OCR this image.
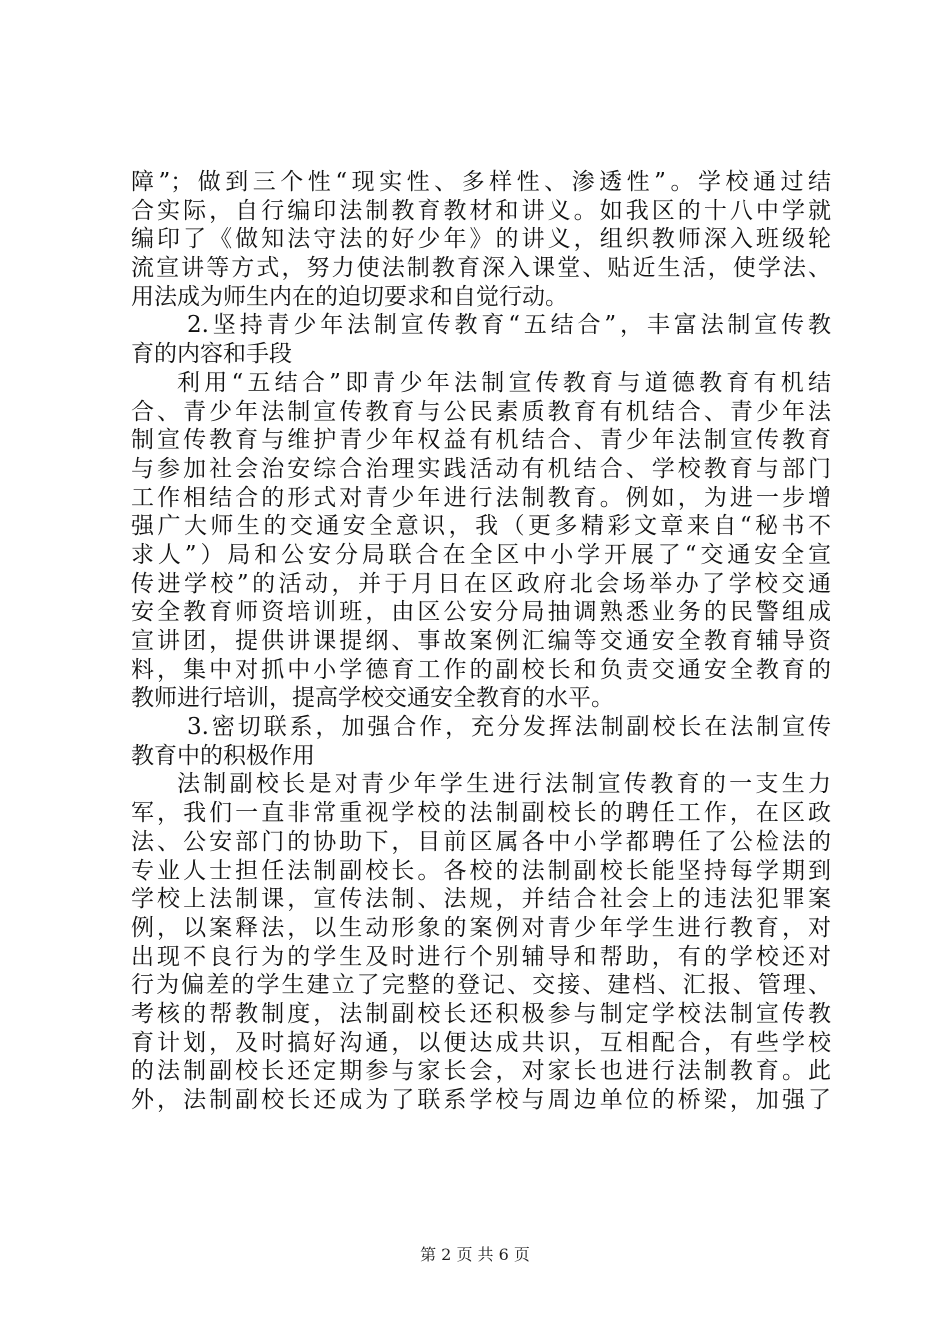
障”；做到三个性“现实性、多样性、渗透性”。学校通过结
合实际，自行编印法制教育教材和讲义。如我区的十八中学就
编印了《做知法守法的好少年》的讲义，组织教师深入班级轮
流宣讲等方式，努力使法制教育深入课堂、贴近生活，使学法、
用法成为师生内在的迫切要求和自觉行动。
2.坚持青少年法制宣传教育“五结合”，丰富法制宣传教
育的内容和手段
利用“五结合”即青少年法制宣传教育与道德教育有机结
合、青少年法制宣传教育与公民素质教育有机结合、青少年法
制宣传教育与维护青少年权益有机结合、青少年法制宣传教育
与参加社会治安综合治理实践活动有机结合、学校教育与部门
工作相结合的形式对青少年进行法制教育。例如，为进一步增
强广大师生的交通安全意识，我（更多精彩文章来自“秘书不
求人”）局和公安分局联合在全区中小学开展了“交通安全宣
传进学校”的活动，并于月日在区政府北会场举办了学校交通
安全教育师资培训班，由区公安分局抽调熟悉业务的民警组成
宣讲团，提供讲课提纲、事故案例汇编等交通安全教育辅导资
料，集中对抓中小学德育工作的副校长和负责交通安全教育的
教师进行培训，提高学校交通安全教育的水平。
3.密切联系，加强合作，充分发挥法制副校长在法制宣传
教育中的积极作用
法制副校长是对青少年学生进行法制宣传教育的一支生力
军，我们一直非常重视学校的法制副校长的聘任工作，在区政
法、公安部门的协助下，目前区属各中小学都聘任了公检法的
专业人士担任法制副校长。各校的法制副校长能坚持每学期到
学校上法制课，宣传法制、法规，并结合社会上的违法犯罪案
例，以案释法，以生动形象的案例对青少年学生进行教育，对
出现不良行为的学生及时进行个别辅导和帮助，有的学校还对
行为偏差的学生建立了完整的登记、交接、建档、汇报、管理、
考核的帮教制度，法制副校长还积极参与制定学校法制宣传教
育计划，及时搞好沟通，以便达成共识，互相配合，有些学校
的法制副校长还定期参与家长会，对家长也进行法制教育。此
外，法制副校长还成为了联系学校与周边单位的桥梁，加强了
第 2 页 共 6 页
